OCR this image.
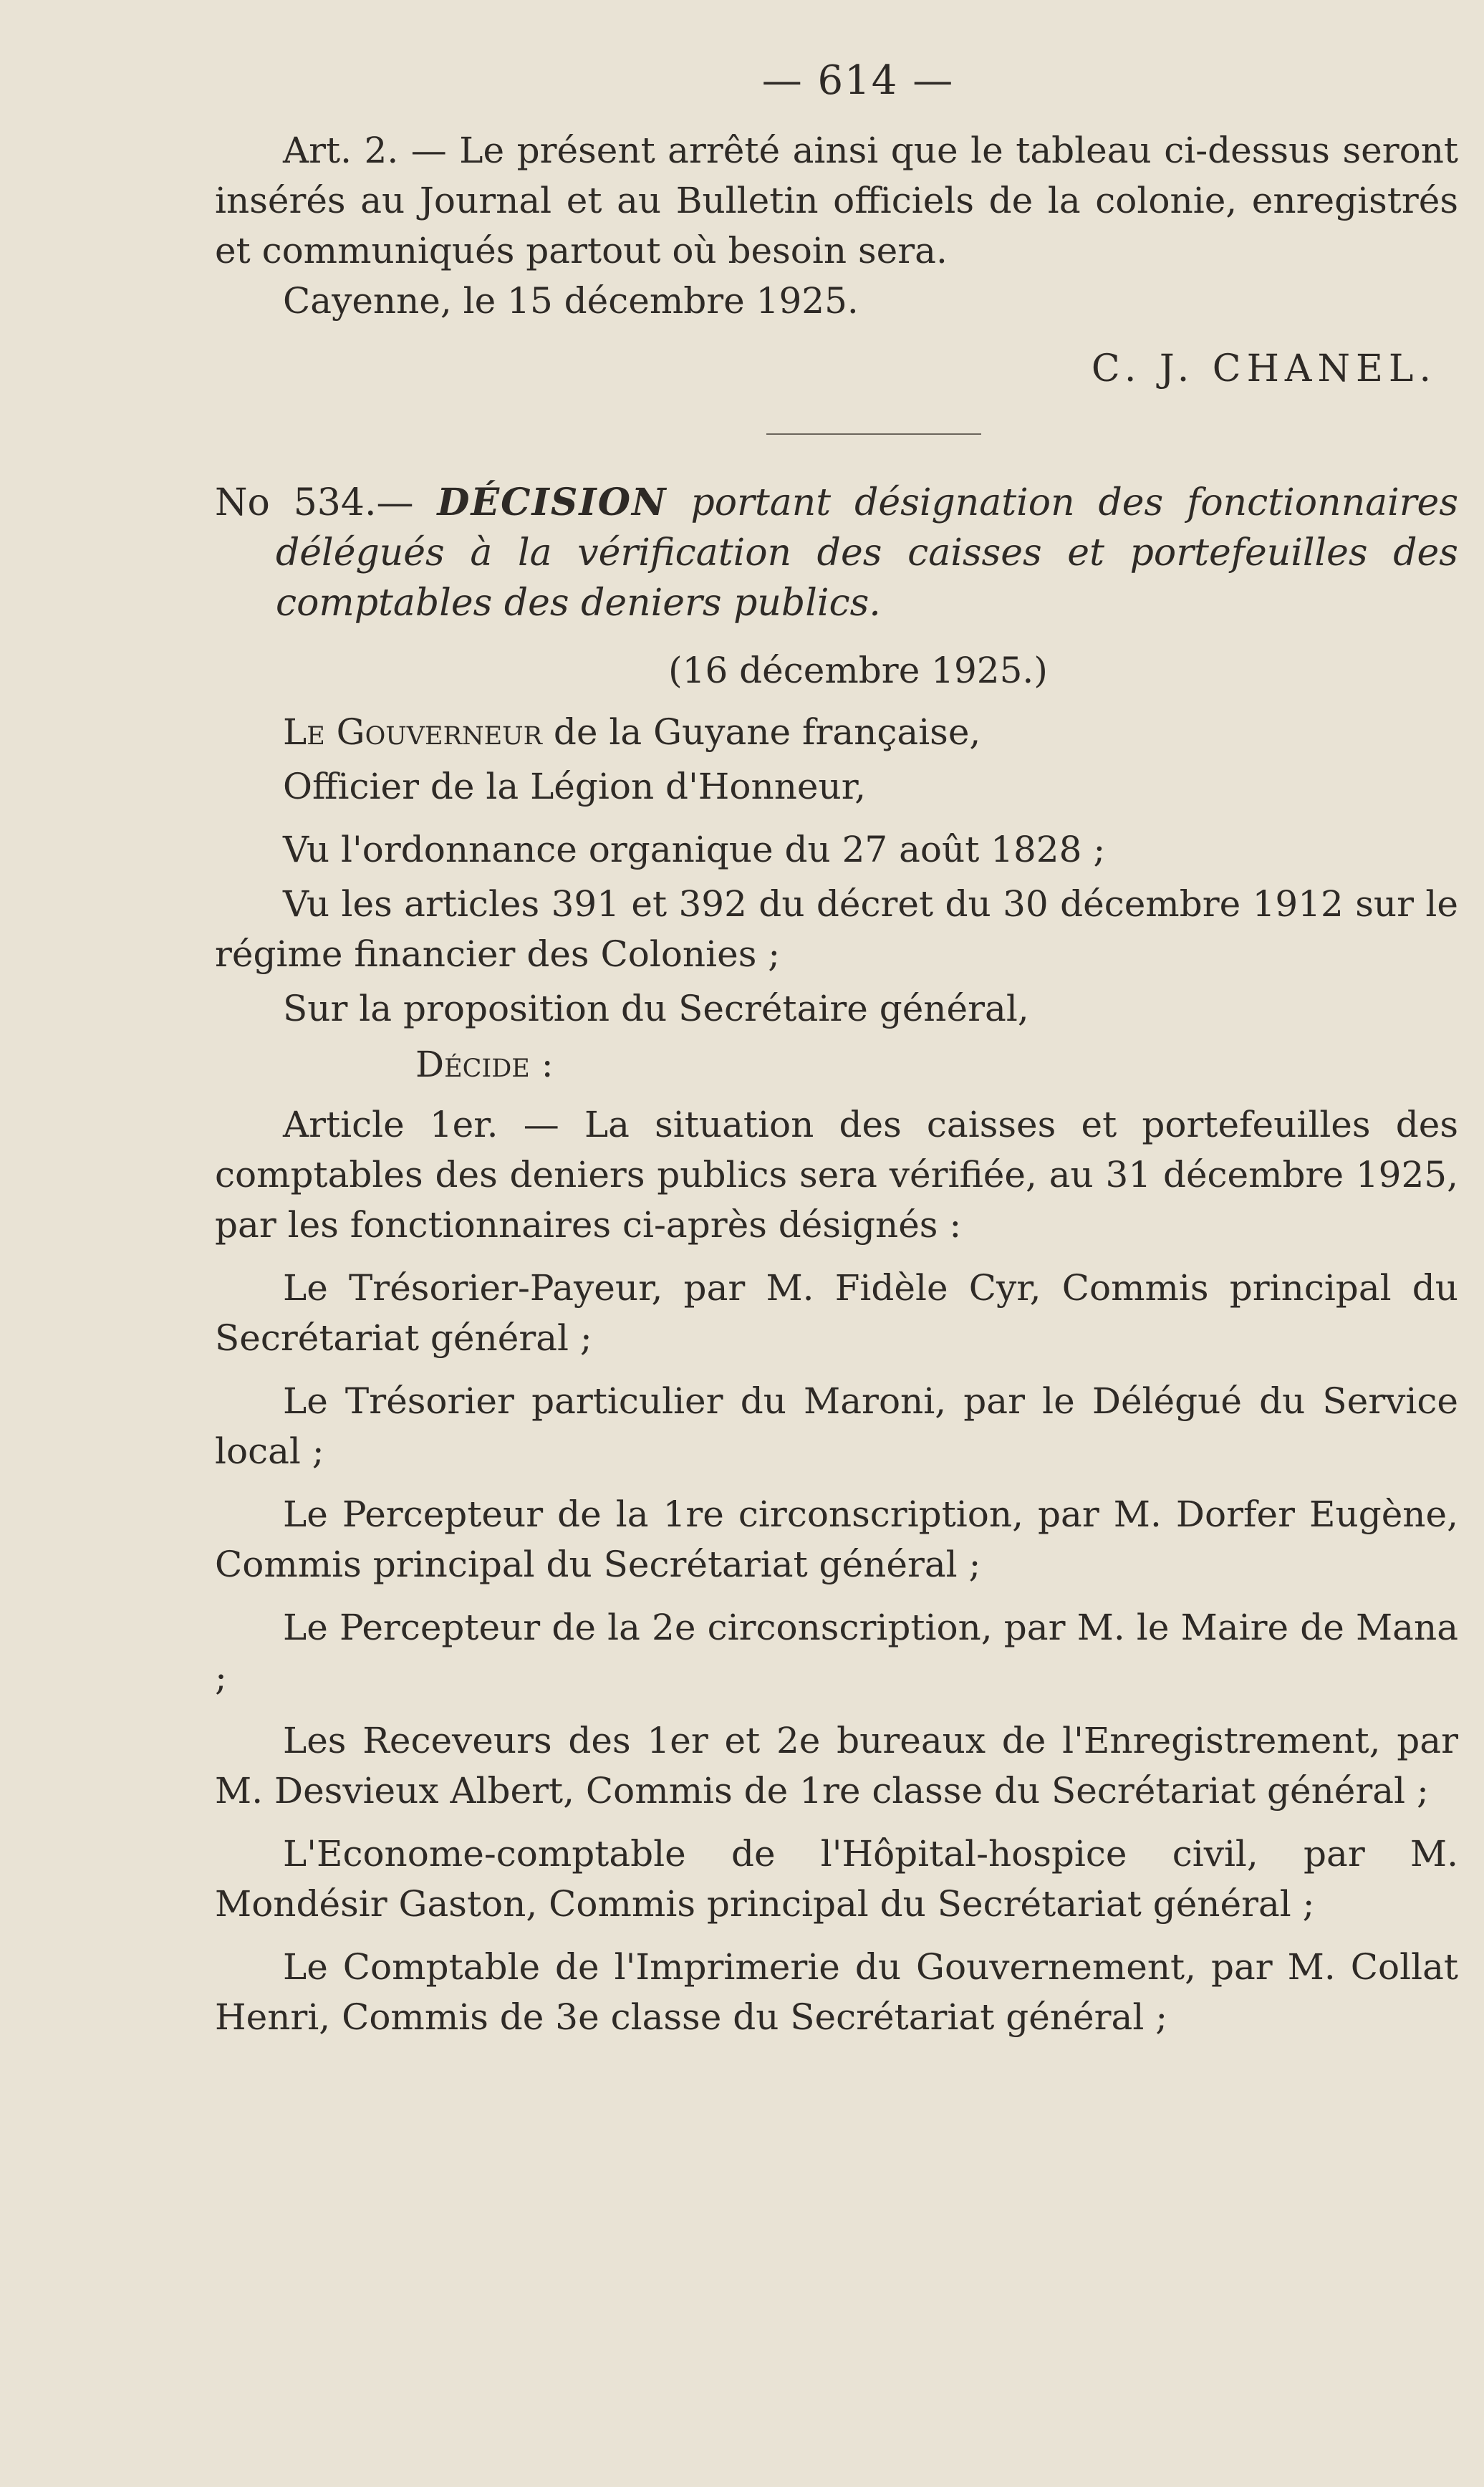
— 614 —

Art. 2. — Le présent arrêté ainsi que le tableau ci-dessus seront insérés au Journal et au Bulletin officiels de la colonie, enregistrés et communiqués partout où besoin sera.

Cayenne, le 15 décembre 1925.

C. J. CHANEL.

No 534.— DÉCISION portant désignation des fonctionnaires délégués à la vérification des caisses et portefeuilles des comptables des deniers publics.

(16 décembre 1925.)

Le Gouverneur de la Guyane française,

Officier de la Légion d'Honneur,

Vu l'ordonnance organique du 27 août 1828 ;

Vu les articles 391 et 392 du décret du 30 décembre 1912 sur le régime financier des Colonies ;

Sur la proposition du Secrétaire général,

Décide :

Article 1er. — La situation des caisses et portefeuilles des comptables des deniers publics sera vérifiée, au 31 décembre 1925, par les fonctionnaires ci-après désignés :

Le Trésorier-Payeur, par M. Fidèle Cyr, Commis principal du Secrétariat général ;

Le Trésorier particulier du Maroni, par le Délégué du Service local ;

Le Percepteur de la 1re circonscription, par M. Dorfer Eugène, Commis principal du Secrétariat général ;

Le Percepteur de la 2e circonscription, par M. le Maire de Mana ;

Les Receveurs des 1er et 2e bureaux de l'Enregistrement, par M. Desvieux Albert, Commis de 1re classe du Secrétariat général ;

L'Econome-comptable de l'Hôpital-hospice civil, par M. Mondésir Gaston, Commis principal du Secrétariat général ;

Le Comptable de l'Imprimerie du Gouvernement, par M. Collat Henri, Commis de 3e classe du Secrétariat général ;
